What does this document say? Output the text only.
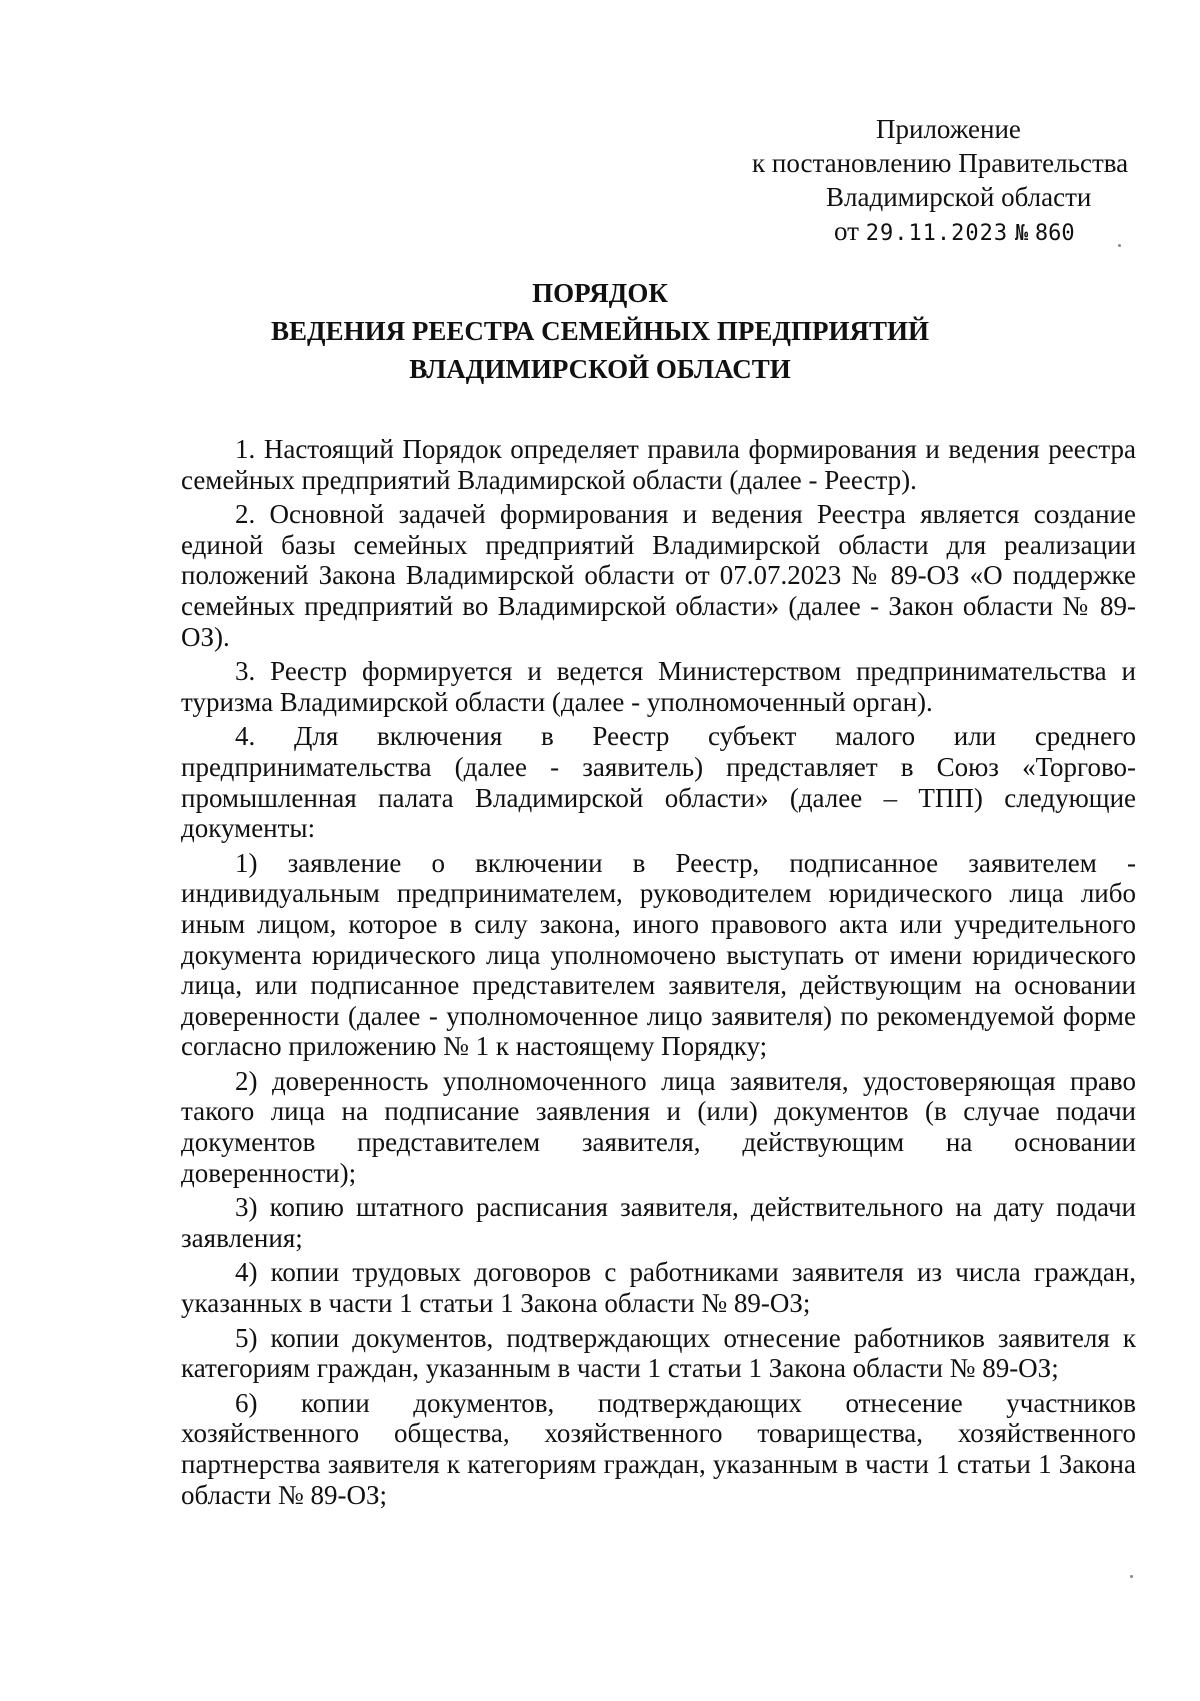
Приложение
к постановлению Правительства
Владимирской области
от 29.11.2023 № 860
ПОРЯДОК
ВЕДЕНИЯ РЕЕСТРА СЕМЕЙНЫХ ПРЕДПРИЯТИЙ
ВЛАДИМИРСКОЙ ОБЛАСТИ

1. Настоящий Порядок определяет правила формирования и ведения реестра семейных предприятий Владимирской области (далее - Реестр).

2. Основной задачей формирования и ведения Реестра является создание единой базы семейных предприятий Владимирской области для реализации положений Закона Владимирской области от 07.07.2023 № 89-ОЗ «О поддержке семейных предприятий во Владимирской области» (далее - Закон области № 89-ОЗ).

3. Реестр формируется и ведется Министерством предпринимательства и туризма Владимирской области (далее - уполномоченный орган).

4. Для включения в Реестр субъект малого или среднего предпринимательства (далее - заявитель) представляет в Союз «Торгово-промышленная палата Владимирской области» (далее – ТПП) следующие документы:

1) заявление о включении в Реестр, подписанное заявителем - индивидуальным предпринимателем, руководителем юридического лица либо иным лицом, которое в силу закона, иного правового акта или учредительного документа юридического лица уполномочено выступать от имени юридического лица, или подписанное представителем заявителя, действующим на основании доверенности (далее - уполномоченное лицо заявителя) по рекомендуемой форме согласно приложению № 1 к настоящему Порядку;

2) доверенность уполномоченного лица заявителя, удостоверяющая право такого лица на подписание заявления и (или) документов (в случае подачи документов представителем заявителя, действующим на основании доверенности);

3) копию штатного расписания заявителя, действительного на дату подачи заявления;

4) копии трудовых договоров с работниками заявителя из числа граждан, указанных в части 1 статьи 1 Закона области № 89-ОЗ;

5) копии документов, подтверждающих отнесение работников заявителя к категориям граждан, указанным в части 1 статьи 1 Закона области № 89-ОЗ;

6) копии документов, подтверждающих отнесение участников хозяйственного общества, хозяйственного товарищества, хозяйственного партнерства заявителя к категориям граждан, указанным в части 1 статьи 1 Закона области № 89-ОЗ;
